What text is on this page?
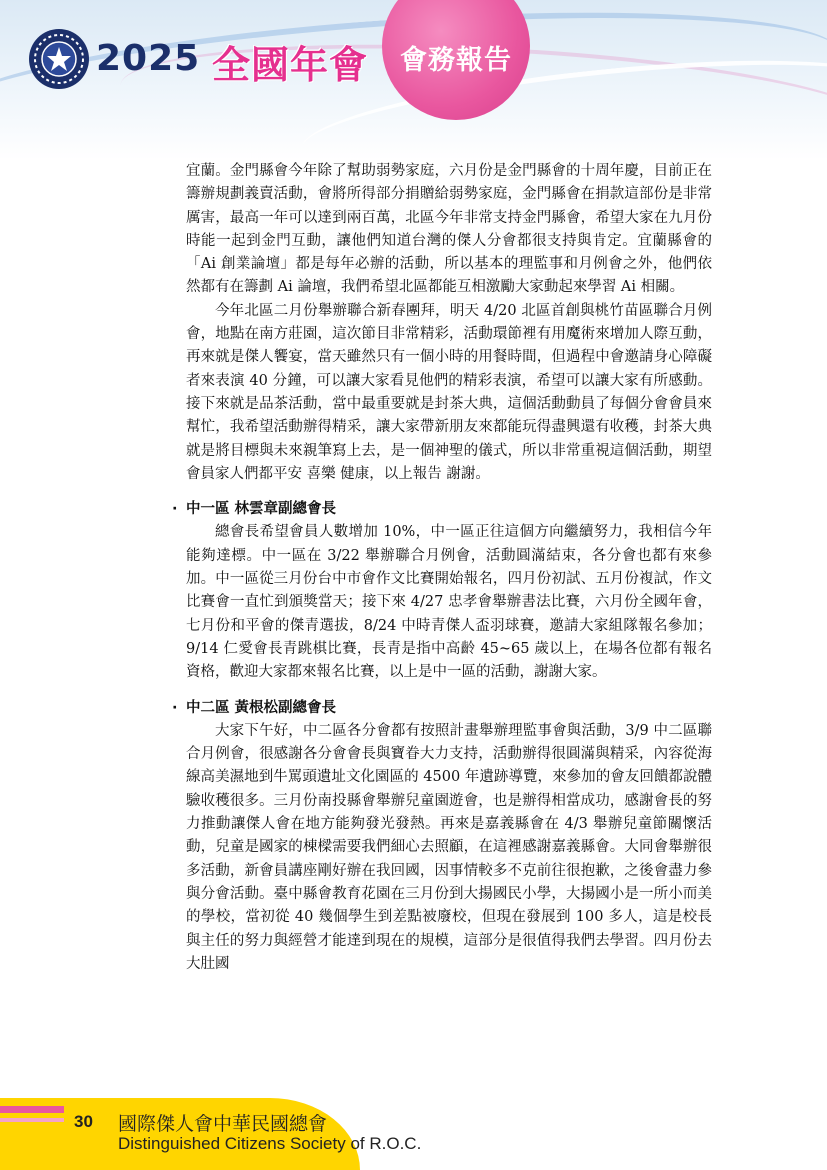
2025 全國年會	會務報告

宜蘭。金門縣會今年除了幫助弱勢家庭，六月份是金門縣會的十周年慶，目前正在籌辦規劃義賣活動，會將所得部分捐贈給弱勢家庭，金門縣會在捐款這部份是非常厲害，最高一年可以達到兩百萬，北區今年非常支持金門縣會，希望大家在九月份時能一起到金門互動，讓他們知道台灣的傑人分會都很支持與肯定。宜蘭縣會的「Ai 創業論壇」都是每年必辦的活動，所以基本的理監事和月例會之外，他們依然都有在籌劃 Ai 論壇，我們希望北區都能互相激勵大家動起來學習 Ai 相關。

今年北區二月份舉辦聯合新春團拜，明天 4/20 北區首創與桃竹苗區聯合月例會，地點在南方莊園，這次節目非常精彩，活動環節裡有用魔術來增加人際互動，再來就是傑人饗宴，當天雖然只有一個小時的用餐時間，但過程中會邀請身心障礙者來表演 40 分鐘，可以讓大家看見他們的精彩表演，希望可以讓大家有所感動。接下來就是品茶活動，當中最重要就是封茶大典，這個活動動員了每個分會會員來幫忙，我希望活動辦得精采，讓大家帶新朋友來都能玩得盡興還有收穫，封茶大典就是將目標與未來親筆寫上去，是一個神聖的儀式，所以非常重視這個活動，期望會員家人們都平安 喜樂 健康，以上報告 謝謝。

· 中一區 林雲章副總會長

總會長希望會員人數增加 10%，中一區正往這個方向繼續努力，我相信今年能夠達標。中一區在 3/22 舉辦聯合月例會，活動圓滿結束，各分會也都有來參加。中一區從三月份台中市會作文比賽開始報名，四月份初試、五月份複試，作文比賽會一直忙到頒獎當天；接下來 4/27 忠孝會舉辦書法比賽，六月份全國年會，七月份和平會的傑青選拔，8/24 中時青傑人盃羽球賽，邀請大家組隊報名參加；9/14 仁愛會長青跳棋比賽，長青是指中高齡 45~65 歲以上，在場各位都有報名資格，歡迎大家都來報名比賽，以上是中一區的活動，謝謝大家。

· 中二區 黃根松副總會長

大家下午好，中二區各分會都有按照計畫舉辦理監事會與活動，3/9 中二區聯合月例會，很感謝各分會會長與寶眷大力支持，活動辦得很圓滿與精采，內容從海線高美濕地到牛罵頭遺址文化園區的 4500 年遺跡導覽，來參加的會友回饋都說體驗收穫很多。三月份南投縣會舉辦兒童園遊會，也是辦得相當成功，感謝會長的努力推動讓傑人會在地方能夠發光發熱。再來是嘉義縣會在 4/3 舉辦兒童節關懷活動，兒童是國家的棟樑需要我們細心去照顧，在這裡感謝嘉義縣會。大同會舉辦很多活動，新會員講座剛好辦在我回國，因事情較多不克前往很抱歉，之後會盡力參與分會活動。臺中縣會教育花園在三月份到大揚國民小學，大揚國小是一所小而美的學校，當初從 40 幾個學生到差點被廢校，但現在發展到 100 多人，這是校長與主任的努力與經營才能達到現在的規模，這部分是很值得我們去學習。四月份去大肚國

30 國際傑人會中華民國總會
Distinguished Citizens Society of R.O.C.
